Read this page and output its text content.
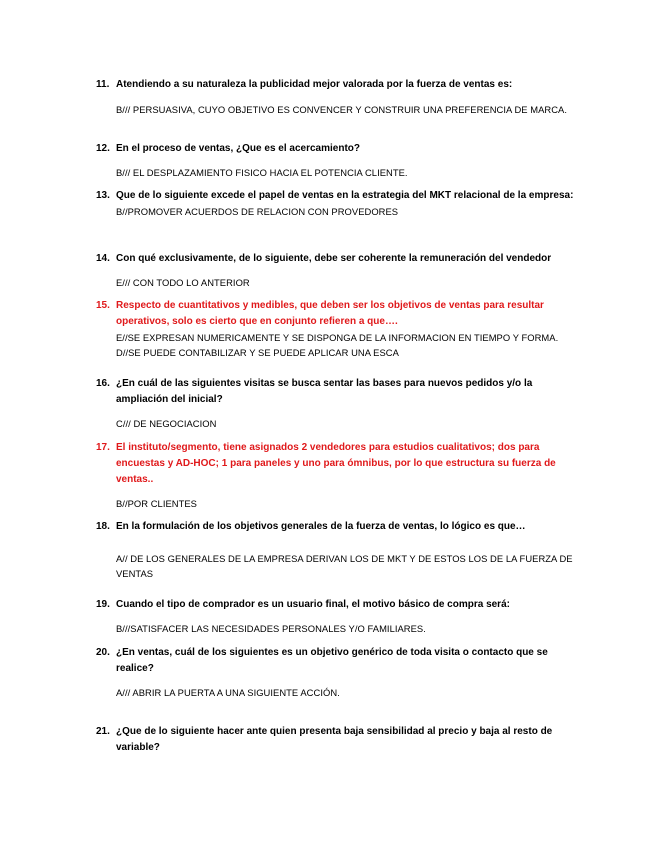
11. Atendiendo a su naturaleza la publicidad mejor valorada por la fuerza de ventas es:
B/// PERSUASIVA, CUYO OBJETIVO ES CONVENCER Y CONSTRUIR UNA PREFERENCIA DE MARCA.
12. En el proceso de ventas, ¿Que es el acercamiento?
B/// EL DESPLAZAMIENTO FISICO HACIA EL POTENCIA CLIENTE.
13. Que de lo siguiente excede el papel de ventas en la estrategia del MKT relacional de la empresa:
B//PROMOVER ACUERDOS DE RELACION CON PROVEDORES
14. Con qué exclusivamente, de lo siguiente, debe ser coherente la remuneración del vendedor
E/// CON TODO LO ANTERIOR
15. Respecto de cuantitativos y medibles, que deben ser los objetivos de ventas para resultar operativos, solo es cierto que en conjunto refieren a que….
E//SE EXPRESAN NUMERICAMENTE Y SE DISPONGA DE LA INFORMACION EN TIEMPO Y FORMA.
D//SE PUEDE CONTABILIZAR Y SE PUEDE APLICAR UNA ESCA
16. ¿En cuál de las siguientes visitas se busca sentar las bases para nuevos pedidos y/o la ampliación del inicial?
C/// DE NEGOCIACION
17. El instituto/segmento, tiene asignados 2 vendedores para estudios cualitativos; dos para encuestas y AD-HOC; 1 para paneles y uno para ómnibus, por lo que estructura su fuerza de ventas..
B//POR CLIENTES
18. En la formulación de los objetivos generales de la fuerza de ventas, lo lógico es que…
A// DE LOS GENERALES DE LA EMPRESA DERIVAN LOS DE MKT Y DE ESTOS LOS DE LA FUERZA DE
VENTAS
19. Cuando el tipo de comprador es un usuario final, el motivo básico de compra será:
B///SATISFACER LAS NECESIDADES PERSONALES Y/O FAMILIARES.
20. ¿En ventas, cuál de los siguientes es un objetivo genérico de toda visita o contacto que se realice?
A/// ABRIR LA PUERTA A UNA SIGUIENTE ACCIÓN.
21. ¿Que de lo siguiente hacer ante quien presenta baja sensibilidad al precio y baja al resto de variable?
